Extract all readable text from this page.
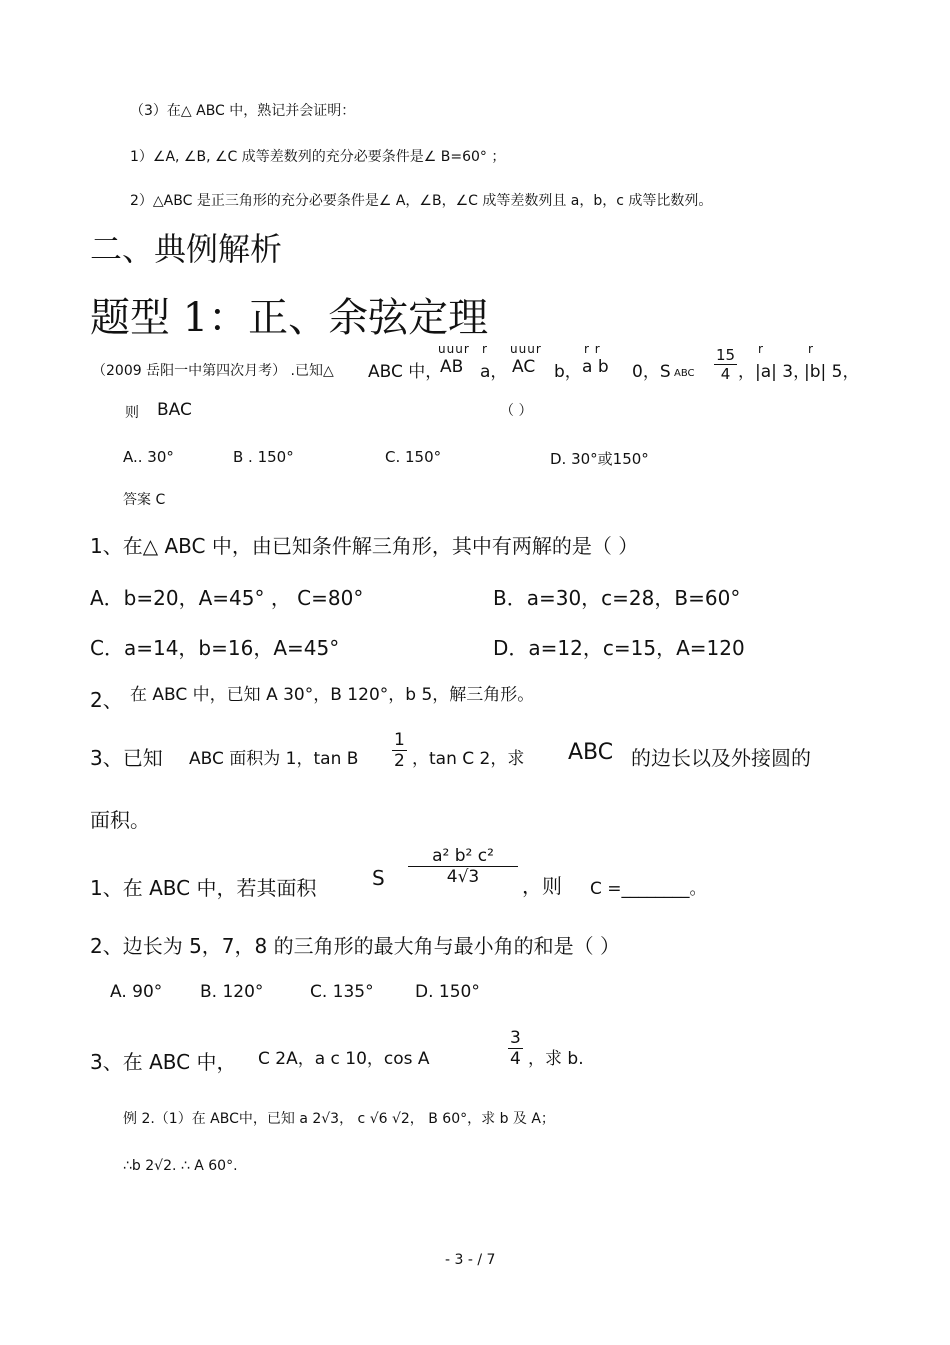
（3）在△ ABC 中，熟记并会证明：
1）∠A, ∠B, ∠C 成等差数列的充分必要条件是∠ B=60° ；
2）△ABC 是正三角形的充分必要条件是∠ A，∠B，∠C 成等差数列且 a，b，c 成等比数列。
二、典例解析
题型 1：正、余弦定理
（2009 岳阳一中第四次月考） .已知△ ABC 中，
uuur
AB
r
a，
uuur
AC b，
r r
a b 0，S ABC $\frac{15}{4}$ r
，|a| 3，
r
|b| 5，
则 BAC	（ ）
A.. 30°	B . 150°	C. 150°	D. 30°或150°
答案 C
1、在△ ABC 中，由已知条件解三角形，其中有两解的是（ ）
A．b=20，A=45° ， C=80°	B．a=30，c=28，B=60°
C．a=14，b=16，A=45°	D．a=12，c=15，A=120
2、 在 ABC 中，已知 A 30°，B 120°，b 5，解三角形。
3、已知 ABC 面积为 1，tan B $\frac{1}{2}$ ，tan C 2，求 ABC 的边长以及外接圆的
面积。
1、在 ABC 中，若其面积	S $\frac{\text{a² b² c²}}{4√3}$ ，则 C =________。
2、边长为 5，7，8 的三角形的最大角与最小角的和是（ ）
A. 90° B. 120°	C. 135° D. 150°
3、在 ABC 中， C 2A，a c 10，cos A	$\frac{3}{4}$ ，求 b.
例 2.（1）在 ABC中，已知 a 2√3， c √6 √2， B 60°，求 b 及 A；
∴b 2√2. ∴ A 60°.
- 3 - / 7
